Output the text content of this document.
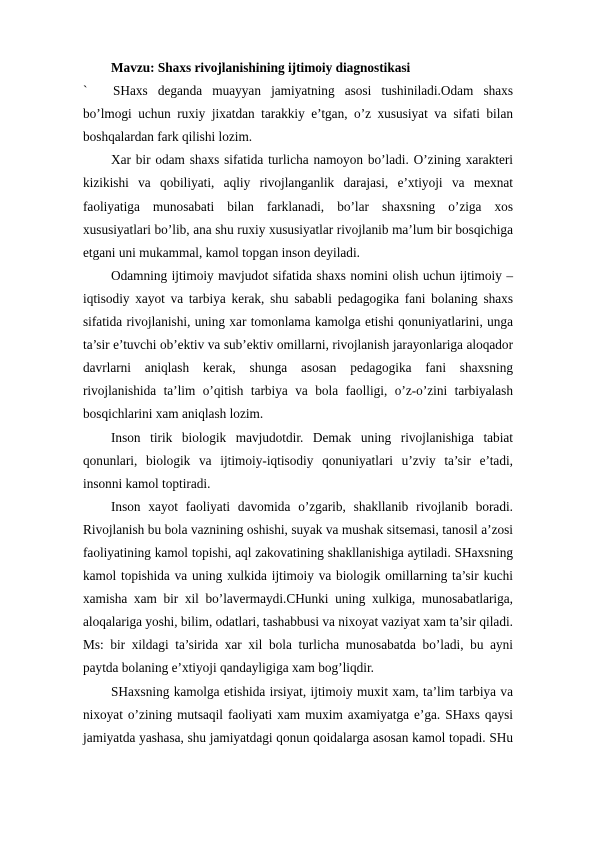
Mavzu: Shaxs rivojlanishining ijtimoiy diagnostikasi

` SHaxs deganda muayyan jamiyatning asosi tushiniladi.Odam shaxs bo’lmogi uchun ruxiy jixatdan tarakkiy e’tgan, o’z xususiyat va sifati bilan boshqalardan fark qilishi lozim.

Xar bir odam shaxs sifatida turlicha namoyon bo’ladi. O’zining xarakteri kizikishi va qobiliyati, aqliy rivojlanganlik darajasi, e’xtiyoji va mexnat faoliyatiga munosabati bilan farklanadi, bo’lar shaxsning o’ziga xos xususiyatlari bo’lib, ana shu ruxiy xususiyatlar rivojlanib ma’lum bir bosqichiga etgani uni mukammal, kamol topgan inson deyiladi.

Odamning ijtimoiy mavjudot sifatida shaxs nomini olish uchun ijtimoiy – iqtisodiy xayot va tarbiya kerak, shu sababli pedagogika fani bolaning shaxs sifatida rivojlanishi, uning xar tomonlama kamolga etishi qonuniyatlarini, unga ta’sir e’tuvchi ob’ektiv va sub’ektiv omillarni, rivojlanish jarayonlariga aloqador davrlarni aniqlash kerak, shunga asosan pedagogika fani shaxsning rivojlanishida ta’lim o’qitish tarbiya va bola faolligi, o’z-o’zini tarbiyalash bosqichlarini xam aniqlash lozim.

Inson tirik biologik mavjudotdir. Demak uning rivojlanishiga tabiat qonunlari, biologik va ijtimoiy-iqtisodiy qonuniyatlari u’zviy ta’sir e’tadi, insonni kamol toptiradi.

Inson xayot faoliyati davomida o’zgarib, shakllanib rivojlanib boradi. Rivojlanish bu bola vaznining oshishi, suyak va mushak sitsemasi, tanosil a’zosi faoliyatining kamol topishi, aql zakovatining shakllanishiga aytiladi. SHaxsning kamol topishida va uning xulkida ijtimoiy va biologik omillarning ta’sir kuchi xamisha xam bir xil bo’lavermaydi.CHunki uning xulkiga, munosabatlariga, aloqalariga yoshi, bilim, odatlari, tashabbusi va nixoyat vaziyat xam ta’sir qiladi. Ms: bir xildagi ta’sirida xar xil bola turlicha munosabatda bo’ladi, bu ayni paytda bolaning e’xtiyoji qandayligiga xam bog’liqdir.

SHaxsning kamolga etishida irsiyat, ijtimoiy muxit xam, ta’lim tarbiya va nixoyat o’zining mutsaqil faoliyati xam muxim axamiyatga e’ga. SHaxs qaysi jamiyatda yashasa, shu jamiyatdagi qonun qoidalarga asosan kamol topadi. SHu
